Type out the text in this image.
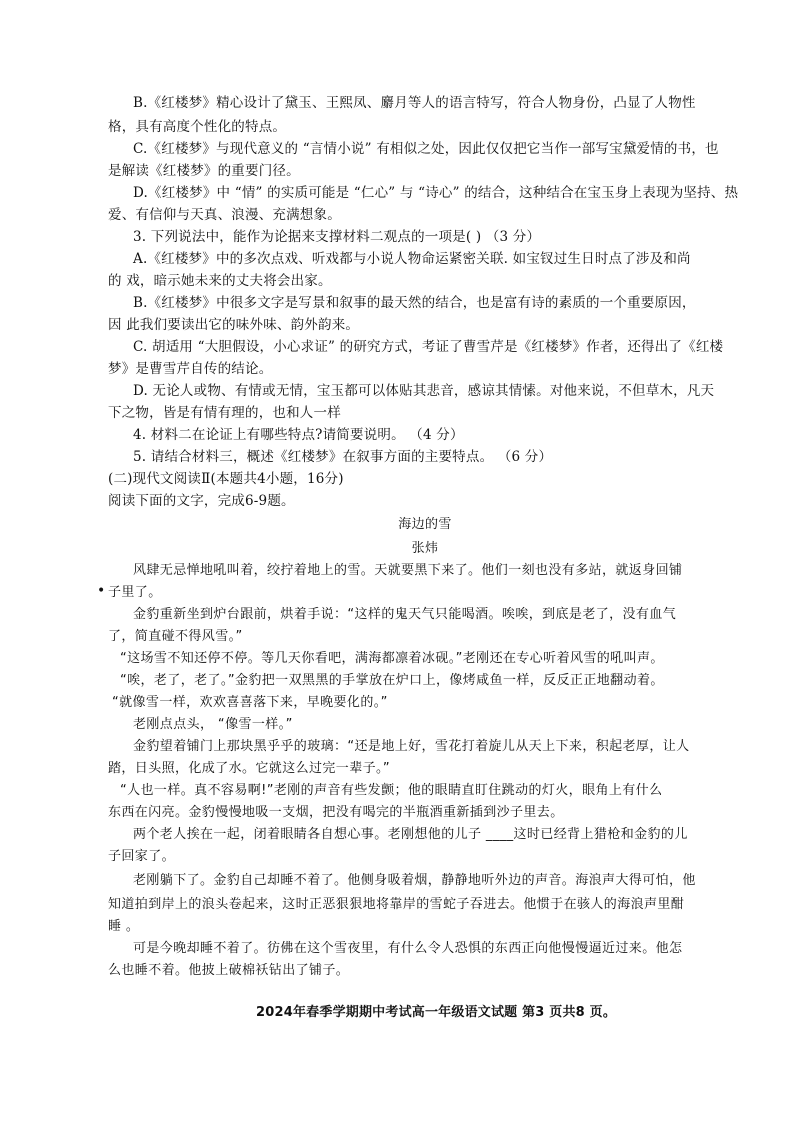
B.《红楼梦》精心设计了黛玉、王熙凤、麝月等人的语言特写，符合人物身份，凸显了人物性
格，具有高度个性化的特点。
C.《红楼梦》与现代意义的 “言情小说” 有相似之处，因此仅仅把它当作一部写宝黛爱情的书，也
是解读《红楼梦》的重要门径。
D.《红楼梦》中 “情” 的实质可能是 “仁心” 与 “诗心” 的结合，这种结合在宝玉身上表现为坚持、热
爱、有信仰与天真、浪漫、充满想象。
3. 下列说法中，能作为论据来支撑材料二观点的一项是( ) （3 分）
A.《红楼梦》中的多次点戏、听戏都与小说人物命运紧密关联. 如宝钗过生日时点了涉及和尚
的 戏，暗示她未来的丈夫将会出家。
B.《红楼梦》中很多文字是写景和叙事的最天然的结合，也是富有诗的素质的一个重要原因，
因 此我们要读出它的味外味、韵外韵来。
C. 胡适用 “大胆假设，小心求证” 的研究方式，考证了曹雪芹是《红楼梦》作者，还得出了《红楼
梦》是曹雪芹自传的结论。
D. 无论人或物、有情或无情，宝玉都可以体贴其悲音，感谅其情愫。对他来说，不但草木，凡天
下之物，皆是有情有理的，也和人一样
4. 材料二在论证上有哪些特点?请简要说明。 （4 分）
5. 请结合材料三，概述《红楼梦》在叙事方面的主要特点。 （6 分）
(二)现代文阅读Ⅱ(本题共4小题，16分)
阅读下面的文字，完成6-9题。
海边的雪
张炜
风肆无忌惮地吼叫着，绞拧着地上的雪。天就要黑下来了。他们一刻也没有多站，就返身回铺
• 子里了。
金豹重新坐到炉台跟前，烘着手说：“这样的鬼天气只能喝酒。唉唉，到底是老了，没有血气
了，简直碰不得风雪。”
“这场雪不知还停不停。等几天你看吧，满海都凛着冰砚。”老刚还在专心听着风雪的吼叫声。
“唉，老了，老了。”金豹把一双黑黑的手掌放在炉口上，像烤咸鱼一样，反反正正地翻动着。
“就像雪一样，欢欢喜喜落下来，早晚要化的。”
老刚点点头， “像雪一样。”
金豹望着铺门上那块黑乎乎的玻璃：“还是地上好，雪花打着旋儿从天上下来，积起老厚，让人
踏，日头照，化成了水。它就这么过完一辈子。”
“人也一样。真不容易啊!”老刚的声音有些发颤；他的眼睛直盯住跳动的灯火，眼角上有什么
东西在闪亮。金豹慢慢地吸一支烟，把没有喝完的半瓶酒重新插到沙子里去。
两个老人挨在一起，闭着眼睛各自想心事。老刚想他的儿子 ____这时已经背上猎枪和金豹的儿
子回家了。
老刚躺下了。金豹自己却睡不着了。他侧身吸着烟，静静地听外边的声音。海浪声大得可怕，他
知道拍到岸上的浪头卷起来，这时正恶狠狠地将靠岸的雪蛇子吞进去。他惯于在骇人的海浪声里酣
睡 。
可是今晚却睡不着了。彷佛在这个雪夜里，有什么令人恐惧的东西正向他慢慢逼近过来。他怎
么也睡不着。他披上破棉袄钻出了铺子。
2024年春季学期期中考试高一年级语文试题 第3 页共8 页。
